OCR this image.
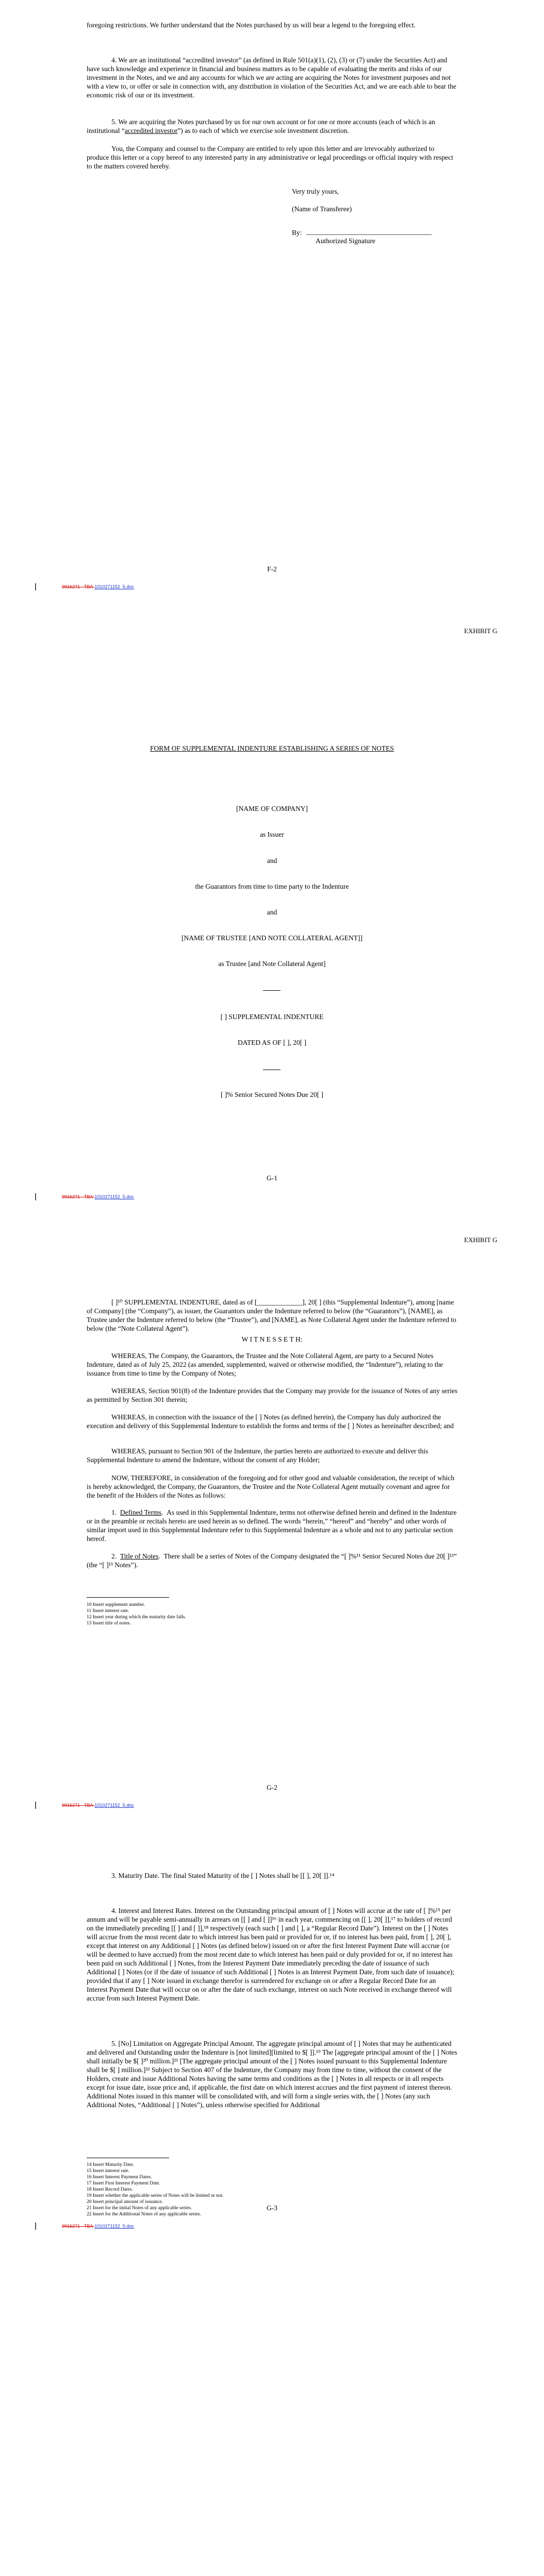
foregoing restrictions. We further understand that the Notes purchased by us will bear a legend to the foregoing effect.

4. We are an institutional “accredited investor” (as defined in Rule 501(a)(1), (2), (3) or (7) under the Securities Act) and have such knowledge and experience in financial and business matters as to be capable of evaluating the merits and risks of our investment in the Notes, and we and any accounts for which we are acting are acquiring the Notes for investment purposes and not with a view to, or offer or sale in connection with, any distribution in violation of the Securities Act, and we are each able to bear the economic risk of our or its investment.

5. We are acquiring the Notes purchased by us for our own account or for one or more accounts (each of which is an institutional “accredited investor”) as to each of which we exercise sole investment discretion.

You, the Company and counsel to the Company are entitled to rely upon this letter and are irrevocably authorized to produce this letter or a copy hereof to any interested party in any administrative or legal proceedings or official inquiry with respect to the matters covered hereby.

Very truly yours,

(Name of Transferee)

By: ____________________________________

Authorized Signature

F-2

9916271 · TBA-1010271152_5.doc

EXHIBIT G

FORM OF SUPPLEMENTAL INDENTURE ESTABLISHING A SERIES OF NOTES

[NAME OF COMPANY]

as Issuer

and

the Guarantors from time to time party to the Indenture

and

[NAME OF TRUSTEE [AND NOTE COLLATERAL AGENT]]

as Trustee [and Note Collateral Agent]

[ ] SUPPLEMENTAL INDENTURE

DATED AS OF [ ], 20[ ]

[ ]% Senior Secured Notes Due 20[ ]

G-1

9916271 · TBA-1010271152_5.doc

EXHIBIT G

[ ]¹⁰ SUPPLEMENTAL INDENTURE, dated as of [_____________], 20[ ] (this “Supplemental Indenture”), among [name of Company] (the “Company”), as issuer, the Guarantors under the Indenture referred to below (the “Guarantors”), [NAME], as Trustee under the Indenture referred to below (the “Trustee”), and [NAME], as Note Collateral Agent under the Indenture referred to below (the “Note Collateral Agent”).

W I T N E S S E T H:

WHEREAS, The Company, the Guarantors, the Trustee and the Note Collateral Agent, are party to a Secured Notes Indenture, dated as of July 25, 2022 (as amended, supplemented, waived or otherwise modified, the “Indenture”), relating to the issuance from time to time by the Company of Notes;

WHEREAS, Section 901(8) of the Indenture provides that the Company may provide for the issuance of Notes of any series as permitted by Section 301 therein;

WHEREAS, in connection with the issuance of the [ ] Notes (as defined herein), the Company has duly authorized the execution and delivery of this Supplemental Indenture to establish the forms and terms of the [ ] Notes as hereinafter described; and

WHEREAS, pursuant to Section 901 of the Indenture, the parties hereto are authorized to execute and deliver this Supplemental Indenture to amend the Indenture, without the consent of any Holder;

NOW, THEREFORE, in consideration of the foregoing and for other good and valuable consideration, the receipt of which is hereby acknowledged, the Company, the Guarantors, the Trustee and the Note Collateral Agent mutually covenant and agree for the benefit of the Holders of the Notes as follows:

1.  Defined Terms.  As used in this Supplemental Indenture, terms not otherwise defined herein and defined in the Indenture or in the preamble or recitals hereto are used herein as so defined. The words “herein,” “hereof” and “hereby” and other words of similar import used in this Supplemental Indenture refer to this Supplemental Indenture as a whole and not to any particular section hereof.

2.  Title of Notes.  There shall be a series of Notes of the Company designated the “[ ]%¹¹ Senior Secured Notes due 20[ ]¹²” (the “[ ]¹³ Notes”).

10 Insert supplement number.

11 Insert interest rate.

12 Insert year during which the maturity date falls.

13 Insert title of notes.

G-2

9916271 · TBA-1010271152_5.doc

3. Maturity Date. The final Stated Maturity of the [ ] Notes shall be [[ ], 20[ ]].¹⁴

4. Interest and Interest Rates. Interest on the Outstanding principal amount of [ ] Notes will accrue at the rate of [ ]%¹⁵ per annum and will be payable semi-annually in arrears on [[ ] and [ ]]¹⁶ in each year, commencing on [[ ], 20[ ]],¹⁷ to holders of record on the immediately preceding [[ ] and [ ]],¹⁸ respectively (each such [ ] and [ ], a “Regular Record Date”). Interest on the [ ] Notes will accrue from the most recent date to which interest has been paid or provided for or, if no interest has been paid, from [ ], 20[ ], except that interest on any Additional [ ] Notes (as defined below) issued on or after the first Interest Payment Date will accrue (or will be deemed to have accrued) from the most recent date to which interest has been paid or duly provided for or, if no interest has been paid on such Additional [ ] Notes, from the Interest Payment Date immediately preceding the date of issuance of such Additional [ ] Notes (or if the date of issuance of such Additional [ ] Notes is an Interest Payment Date, from such date of issuance); provided that if any [ ] Note issued in exchange therefor is surrendered for exchange on or after a Regular Record Date for an Interest Payment Date that will occur on or after the date of such exchange, interest on such Note received in exchange thereof will accrue from such Interest Payment Date.

5. [No] Limitation on Aggregate Principal Amount. The aggregate principal amount of [ ] Notes that may be authenticated and delivered and Outstanding under the Indenture is [not limited][limited to $[ ]].¹⁹ The [aggregate principal amount of the [ ] Notes shall initially be $[ ]²⁰ million.]²¹ [The aggregate principal amount of the [ ] Notes issued pursuant to this Supplemental Indenture shall be $[ ] million.]²² Subject to Section 407 of the Indenture, the Company may from time to time, without the consent of the Holders, create and issue Additional Notes having the same terms and conditions as the [ ] Notes in all respects or in all respects except for issue date, issue price and, if applicable, the first date on which interest accrues and the first payment of interest thereon. Additional Notes issued in this manner will be consolidated with, and will form a single series with, the [ ] Notes (any such Additional Notes, “Additional [ ] Notes”), unless otherwise specified for Additional

14 Insert Maturity Date.

15 Insert interest rate.

16 Insert Interest Payment Dates.

17 Insert First Interest Payment Date.

18 Insert Record Dates.

19 Insert whether the applicable series of Notes will be limited or not.

20 Insert principal amount of issuance.

21 Insert for the initial Notes of any applicable series.

22 Insert for the Additional Notes of any applicable series.

G-3

9916271 · TBA-1010271152_5.doc
